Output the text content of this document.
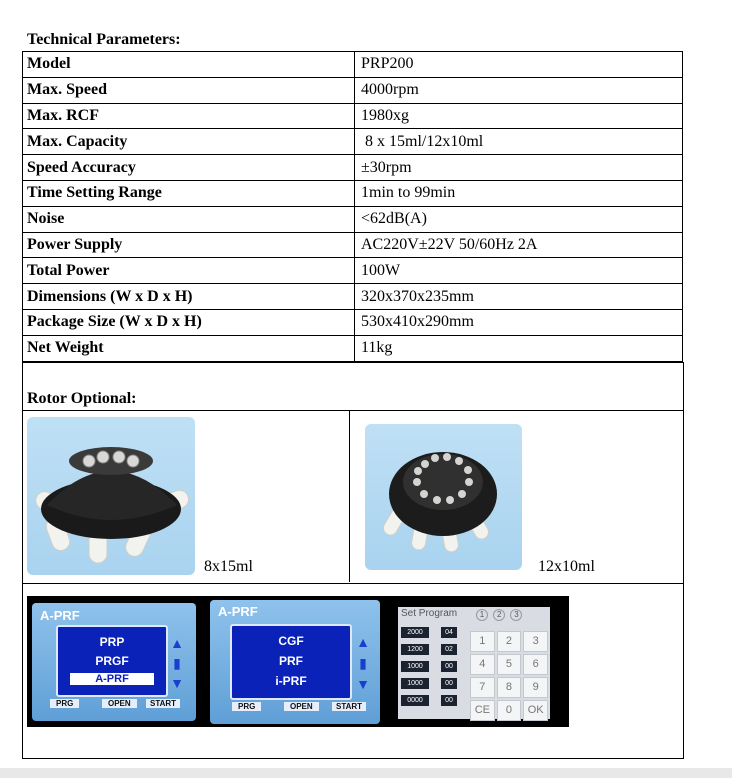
Technical Parameters:
Model	PRP200
Max. Speed	4000rpm
Max. RCF	1980xg
Max. Capacity	8 x 15ml/12x10ml
Speed Accuracy	±30rpm
Time Setting Range	1min to 99min
Noise	<62dB(A)
Power Supply	AC220V±22V 50/60Hz 2A
Total Power	100W
Dimensions (W x D x H)	320x370x235mm
Package Size (W x D x H)	530x410x290mm
Net Weight	11kg
Rotor Optional:
8x15ml	12x10ml
A-PRF
PRP
PRGF
A-PRF
▲
▮
▼
PRG	OPEN	START
A-PRF
CGF
PRF
i-PRF
▲
▮
▼
PRG	OPEN	START
Set Program	1 2 3
2000	04
1200	02
1000	00
1000	00
0000	00
1	2	3
4	5	6
7	8	9
CE	0	OK
